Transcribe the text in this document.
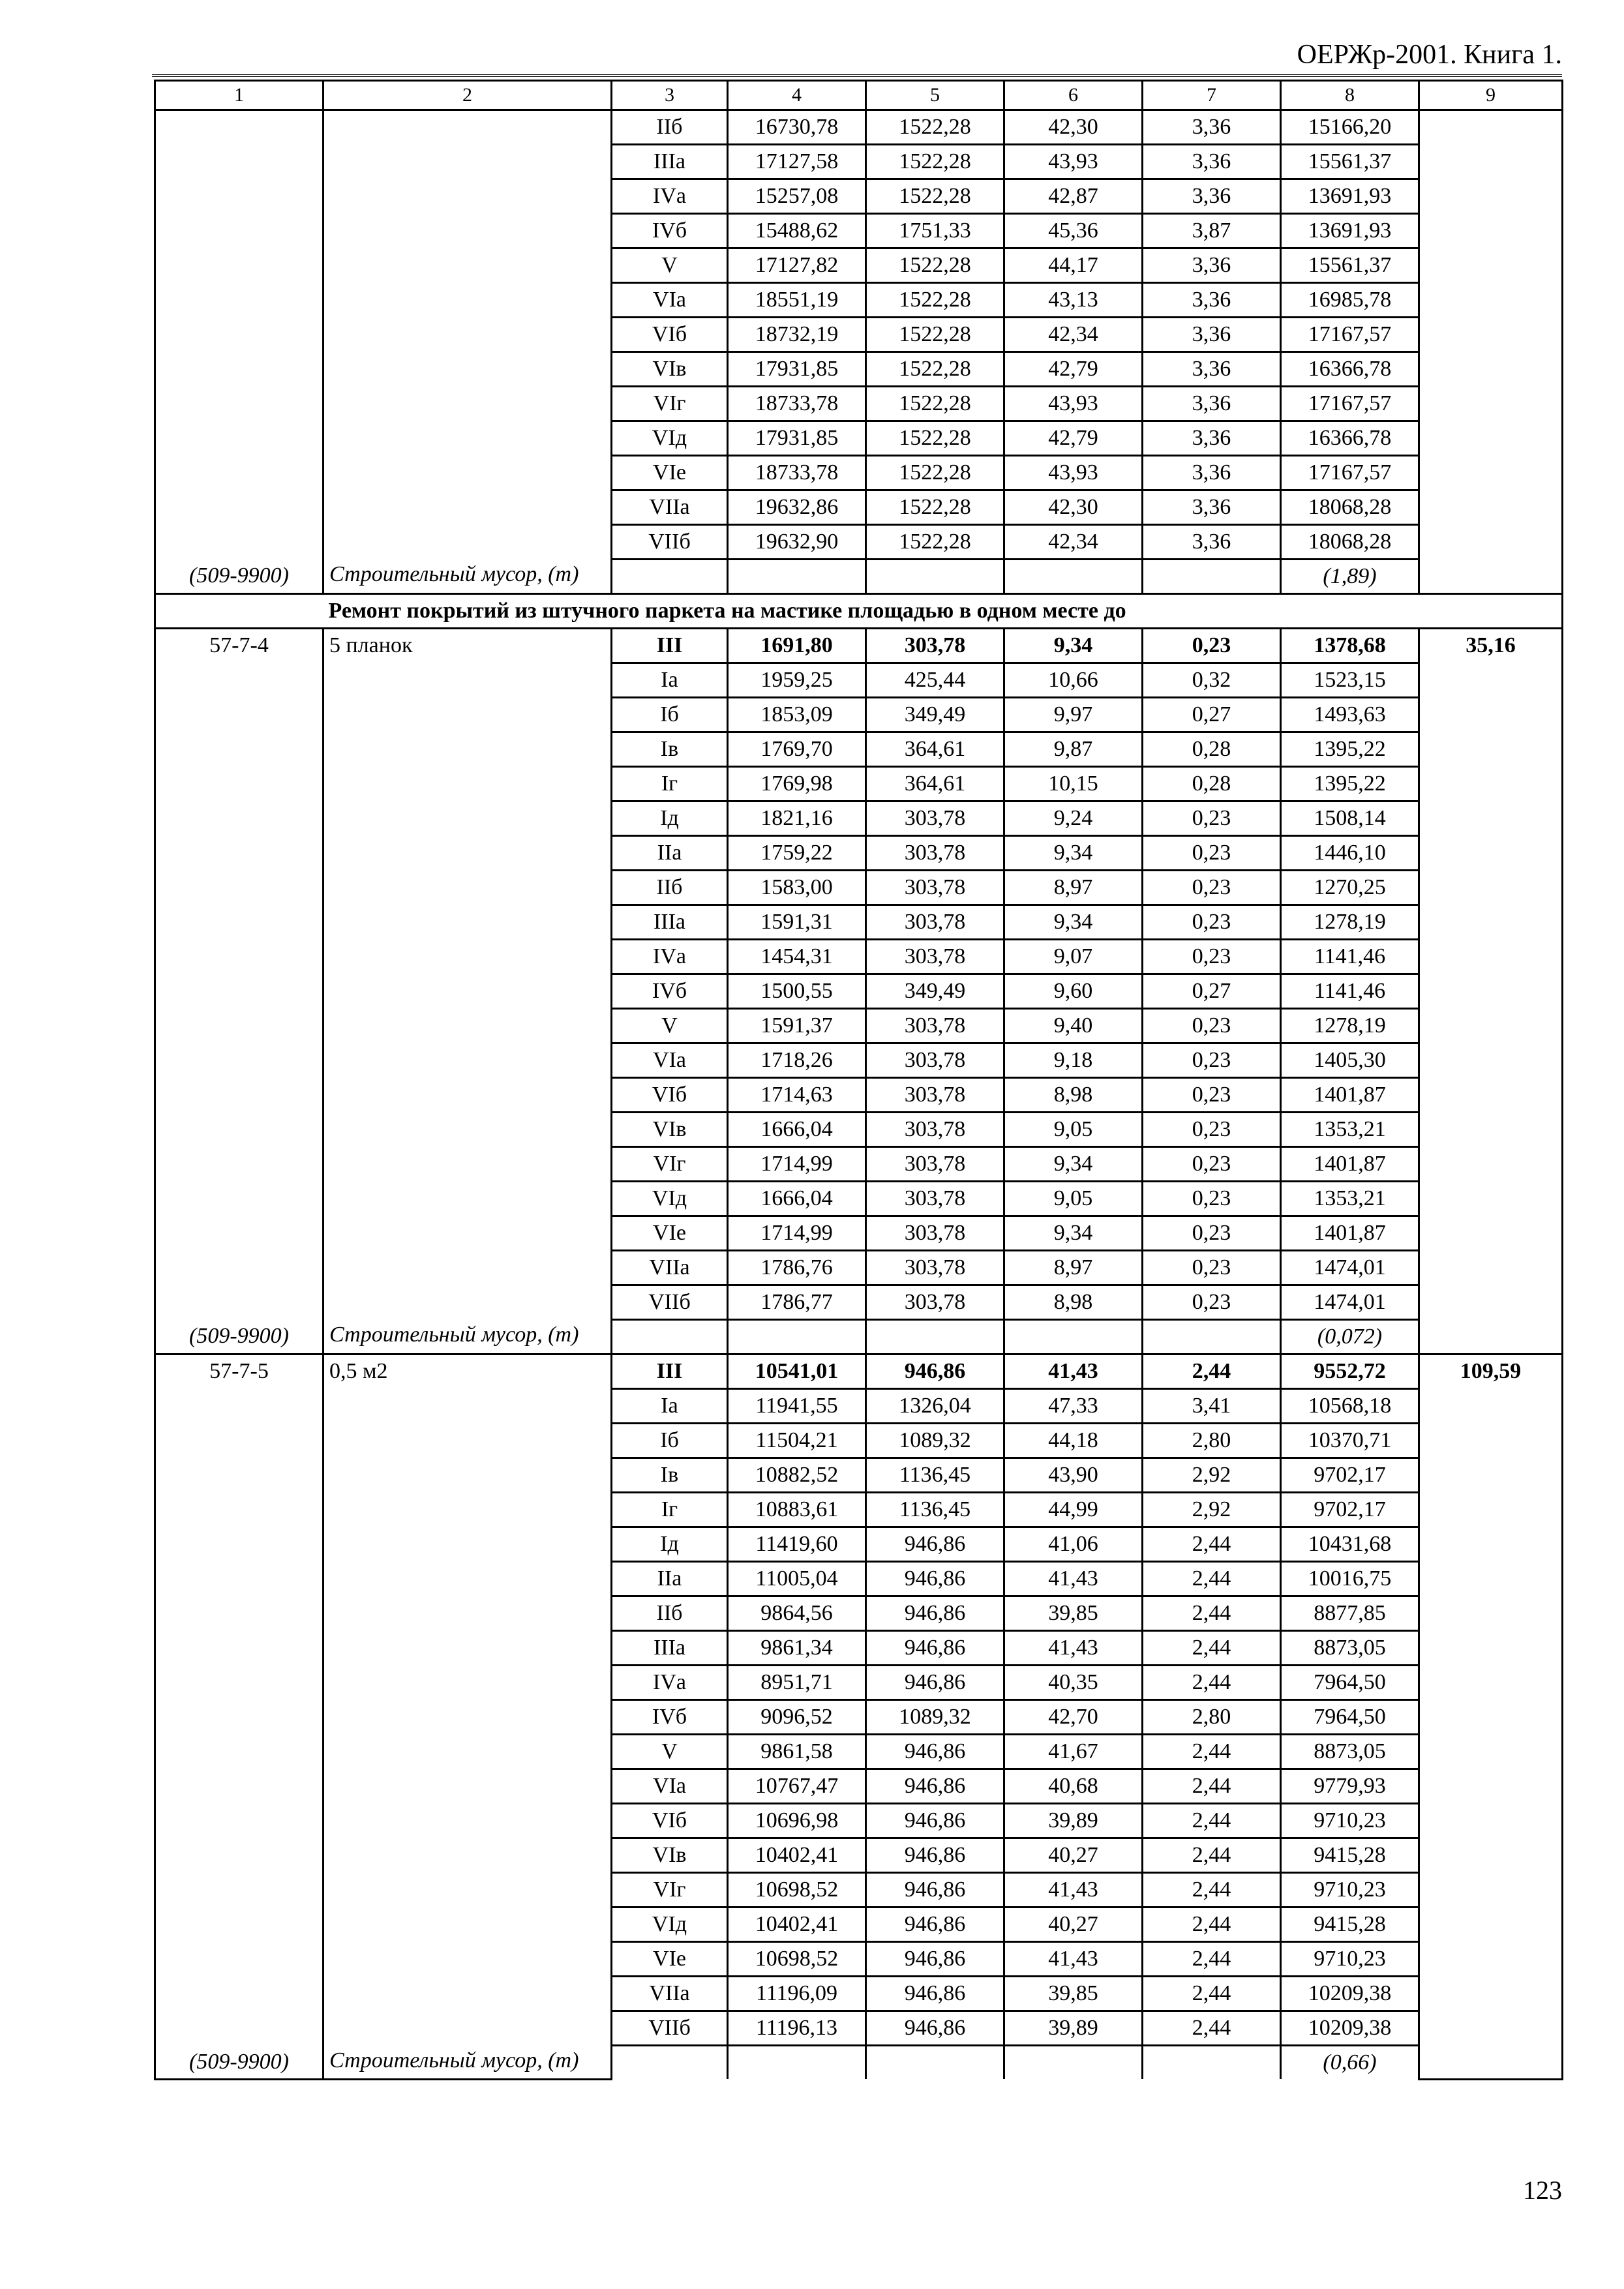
ОЕРЖр-2001. Книга 1.
1	2	3	4	5	6	7	8	9
		IIб	16730,78	1522,28	42,30	3,36	15166,20	
		IIIа	17127,58	1522,28	43,93	3,36	15561,37	
		IVа	15257,08	1522,28	42,87	3,36	13691,93	
		IVб	15488,62	1751,33	45,36	3,87	13691,93	
		V	17127,82	1522,28	44,17	3,36	15561,37	
		VIа	18551,19	1522,28	43,13	3,36	16985,78	
		VIб	18732,19	1522,28	42,34	3,36	17167,57	
		VIв	17931,85	1522,28	42,79	3,36	16366,78	
		VIг	18733,78	1522,28	43,93	3,36	17167,57	
		VIд	17931,85	1522,28	42,79	3,36	16366,78	
		VIе	18733,78	1522,28	43,93	3,36	17167,57	
		VIIа	19632,86	1522,28	42,30	3,36	18068,28	
		VIIб	19632,90	1522,28	42,34	3,36	18068,28	
(509-9900)	Строительный мусор, (т)						(1,89)	
	Ремонт покрытий из штучного паркета на мастике площадью в одном месте до							
57-7-4	5 планок	III	1691,80	303,78	9,34	0,23	1378,68	35,16
		Iа	1959,25	425,44	10,66	0,32	1523,15	
		Iб	1853,09	349,49	9,97	0,27	1493,63	
		Iв	1769,70	364,61	9,87	0,28	1395,22	
		Iг	1769,98	364,61	10,15	0,28	1395,22	
		Iд	1821,16	303,78	9,24	0,23	1508,14	
		IIа	1759,22	303,78	9,34	0,23	1446,10	
		IIб	1583,00	303,78	8,97	0,23	1270,25	
		IIIа	1591,31	303,78	9,34	0,23	1278,19	
		IVа	1454,31	303,78	9,07	0,23	1141,46	
		IVб	1500,55	349,49	9,60	0,27	1141,46	
		V	1591,37	303,78	9,40	0,23	1278,19	
		VIа	1718,26	303,78	9,18	0,23	1405,30	
		VIб	1714,63	303,78	8,98	0,23	1401,87	
		VIв	1666,04	303,78	9,05	0,23	1353,21	
		VIг	1714,99	303,78	9,34	0,23	1401,87	
		VIд	1666,04	303,78	9,05	0,23	1353,21	
		VIе	1714,99	303,78	9,34	0,23	1401,87	
		VIIа	1786,76	303,78	8,97	0,23	1474,01	
		VIIб	1786,77	303,78	8,98	0,23	1474,01	
(509-9900)	Строительный мусор, (т)						(0,072)	
57-7-5	0,5 м2	III	10541,01	946,86	41,43	2,44	9552,72	109,59
		Iа	11941,55	1326,04	47,33	3,41	10568,18	
		Iб	11504,21	1089,32	44,18	2,80	10370,71	
		Iв	10882,52	1136,45	43,90	2,92	9702,17	
		Iг	10883,61	1136,45	44,99	2,92	9702,17	
		Iд	11419,60	946,86	41,06	2,44	10431,68	
		IIа	11005,04	946,86	41,43	2,44	10016,75	
		IIб	9864,56	946,86	39,85	2,44	8877,85	
		IIIа	9861,34	946,86	41,43	2,44	8873,05	
		IVа	8951,71	946,86	40,35	2,44	7964,50	
		IVб	9096,52	1089,32	42,70	2,80	7964,50	
		V	9861,58	946,86	41,67	2,44	8873,05	
		VIа	10767,47	946,86	40,68	2,44	9779,93	
		VIб	10696,98	946,86	39,89	2,44	9710,23	
		VIв	10402,41	946,86	40,27	2,44	9415,28	
		VIг	10698,52	946,86	41,43	2,44	9710,23	
		VIд	10402,41	946,86	40,27	2,44	9415,28	
		VIе	10698,52	946,86	41,43	2,44	9710,23	
		VIIа	11196,09	946,86	39,85	2,44	10209,38	
		VIIб	11196,13	946,86	39,89	2,44	10209,38	
(509-9900)	Строительный мусор, (т)						(0,66)	
123
